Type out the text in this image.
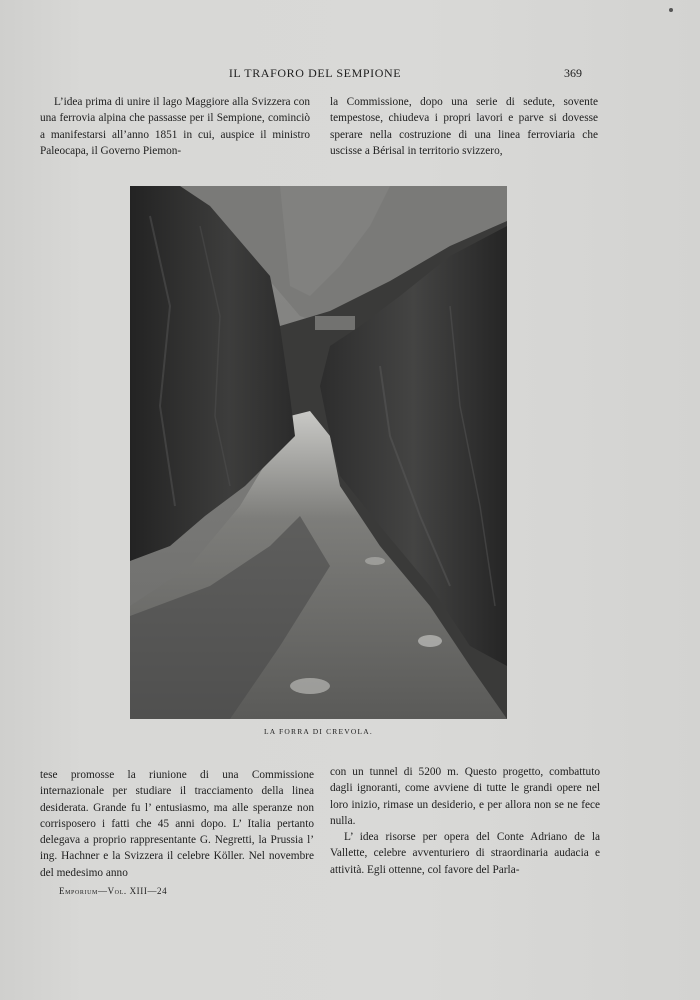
IL TRAFORO DEL SEMPIONE	369

L’idea prima di unire il lago Maggiore alla Svizzera con una ferrovia alpina che passasse per il Sempione, cominciò a manifestarsi all’anno 1851 in cui, auspice il ministro Paleocapa, il Governo Piemon-

la Commissione, dopo una serie di sedute, sovente tempestose, chiudeva i propri lavori e parve si dovesse sperare nella costruzione di una linea ferroviaria che uscisse a Bérisal in territorio svizzero,

LA FORRA DI CREVOLA.

tese promosse la riunione di una Commissione internazionale per studiare il tracciamento della linea desiderata. Grande fu l’ entusiasmo, ma alle speranze non corrisposero i fatti che 45 anni dopo. L’ Italia pertanto delegava a proprio rappresentante G. Negretti, la Prussia l’ ing. Hachner e la Svizzera il celebre Köller. Nel novembre del medesimo anno

con un tunnel di 5200 m. Questo progetto, combattuto dagli ignoranti, come avviene di tutte le grandi opere nel loro inizio, rimase un desiderio, e per allora non se ne fece nulla.

L’ idea risorse per opera del Conte Adriano de la Vallette, celebre avventuriero di straordinaria audacia e attività. Egli ottenne, col favore del Parla-

Emporium—Vol. XIII—24
